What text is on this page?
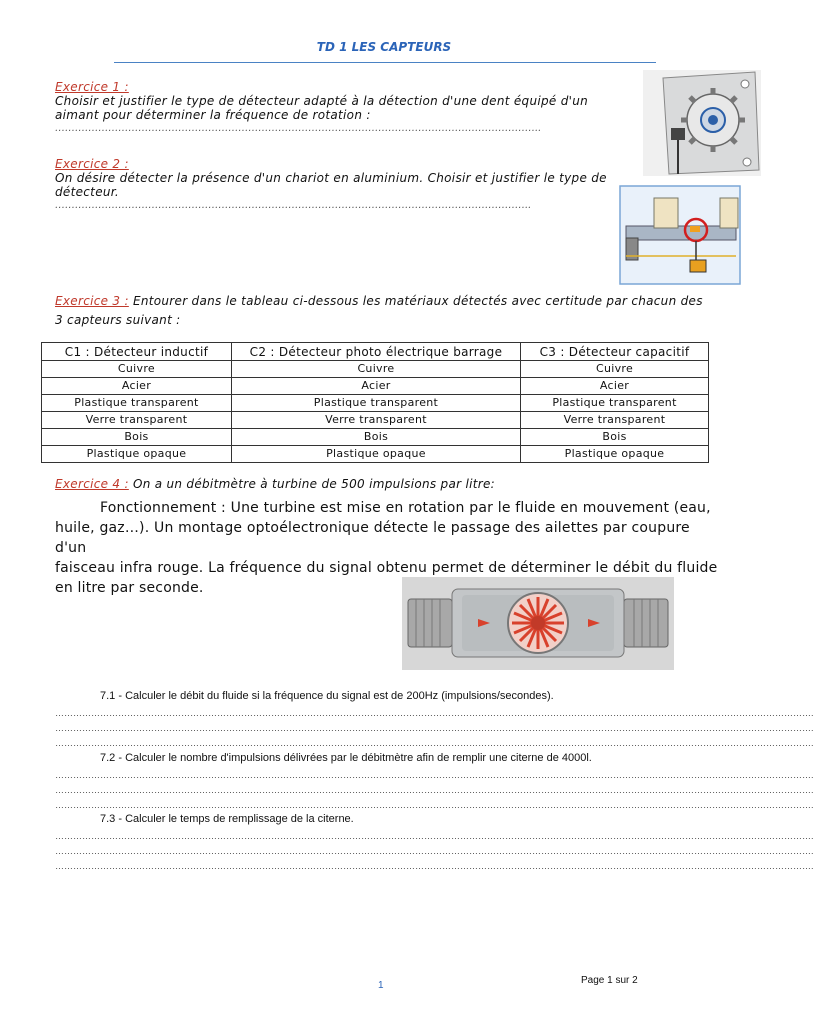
TD 1 LES CAPTEURS
Exercice 1 :
Choisir et justifier le type de détecteur adapté à la détection d'une dent équipé d'un
aimant pour déterminer la fréquence de rotation :
………………………………………………………………………………………………………………………………..
Exercice 2 :
On désire détecter la présence d'un chariot en aluminium. Choisir et justifier le type de
détecteur.
……………………………………………………………………………………………………………………………..
Exercice 3 : Entourer dans le tableau ci-dessous les matériaux détectés avec certitude par chacun des
3 capteurs suivant :
C1 : Détecteur inductif	C2 : Détecteur photo électrique barrage	C3 : Détecteur capacitif
Cuivre	Cuivre	Cuivre
Acier	Acier	Acier
Plastique transparent	Plastique transparent	Plastique transparent
Verre transparent	Verre transparent	Verre transparent
Bois	Bois	Bois
Plastique opaque	Plastique opaque	Plastique opaque
Exercice 4 : On a un débitmètre à turbine de 500 impulsions par litre:
Fonctionnement : Une turbine est mise en rotation par le fluide en mouvement (eau,
huile, gaz…). Un montage optoélectronique détecte le passage des ailettes par coupure d'un
faisceau infra rouge. La fréquence du signal obtenu permet de déterminer le débit du fluide
en litre par seconde.
7.1 - Calculer le débit du fluide si la fréquence du signal est de 200Hz (impulsions/secondes).
……………………………………………………………………………………………………………………………………………………………………………………………………………………………….
……………………………………………………………………………………………………………………………………………………………………………………………………………………………….
……………………………………………………………………………………………………………………………………………………………………………………………………………………………….
7.2 - Calculer le nombre d'impulsions délivrées par le débitmètre afin de remplir une citerne de 4000l.
……………………………………………………………………………………………………………………………………………………………………………………………………………………………….
……………………………………………………………………………………………………………………………………………………………………………………………………………………………….
……………………………………………………………………………………………………………………………………………………………………………………………………………………………….
7.3 - Calculer le temps de remplissage de la citerne.
……………………………………………………………………………………………………………………………………………………………………………………………………………………………….
……………………………………………………………………………………………………………………………………………………………………………………………………………………………….
……………………………………………………………………………………………………………………………………………………………………………………………………………………………….
1	Page 1 sur 2
